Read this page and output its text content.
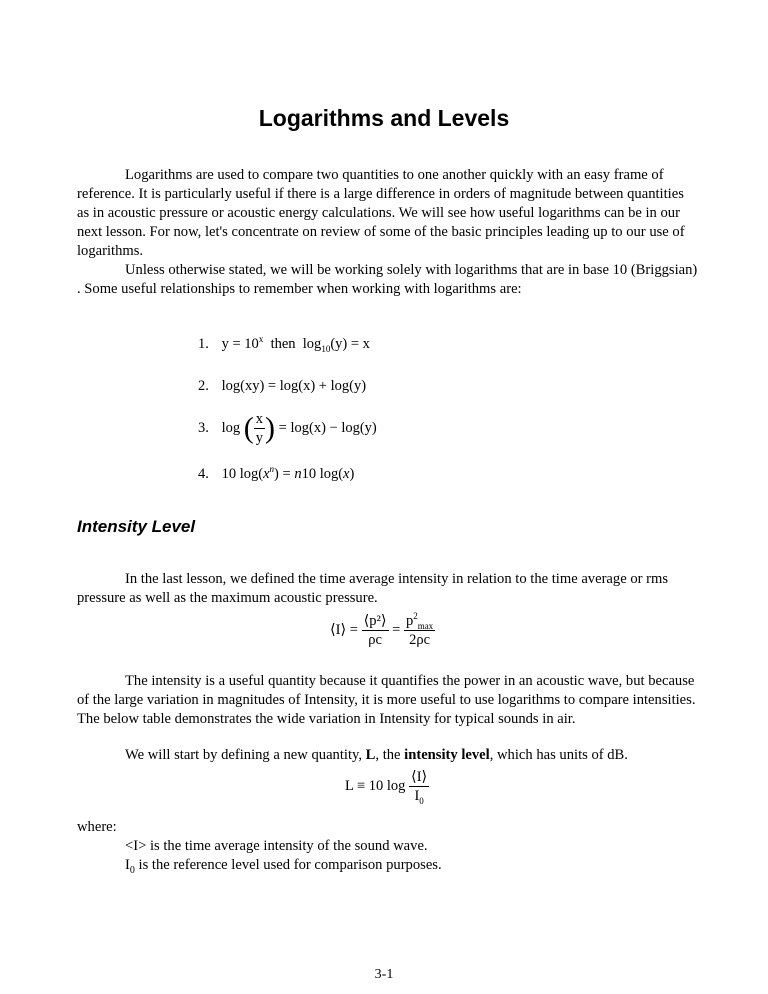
Logarithms and Levels

Logarithms are used to compare two quantities to one another quickly with an easy frame of reference. It is particularly useful if there is a large difference in orders of magnitude between quantities as in acoustic pressure or acoustic energy calculations. We will see how useful logarithms can be in our next lesson. For now, let's concentrate on review of some of the basic principles leading up to our use of logarithms.

Unless otherwise stated, we will be working solely with logarithms that are in base 10 (Briggsian) . Some useful relationships to remember when working with logarithms are:

1. $y = 10^x$  then  $\log_{10}(y) = x$
2. log(xy) = log(x) + log(y)
3. log ( $\frac{x}{y}$ ) = log(x) − log(y)
4. 10 $\log(x^n) = n10$ log(x)
Intensity Level

In the last lesson, we defined the time average intensity in relation to the time average or rms pressure as well as the maximum acoustic pressure.

⟨I⟩ = $\frac{\text{⟨p²⟩}}{\rho c} = \frac{p^2_{max}}{2\rho c}$

The intensity is a useful quantity because it quantifies the power in an acoustic wave, but because of the large variation in magnitudes of Intensity, it is more useful to use logarithms to compare intensities. The below table demonstrates the wide variation in Intensity for typical sounds in air.

We will start by defining a new quantity, L, the intensity level, which has units of dB.

L ≡ 10 $\log \frac{⟨I⟩}{I_0}$
where:
<I> is the time average intensity of the sound wave.
$I_0$ is the reference level used for comparison purposes.
3-1
